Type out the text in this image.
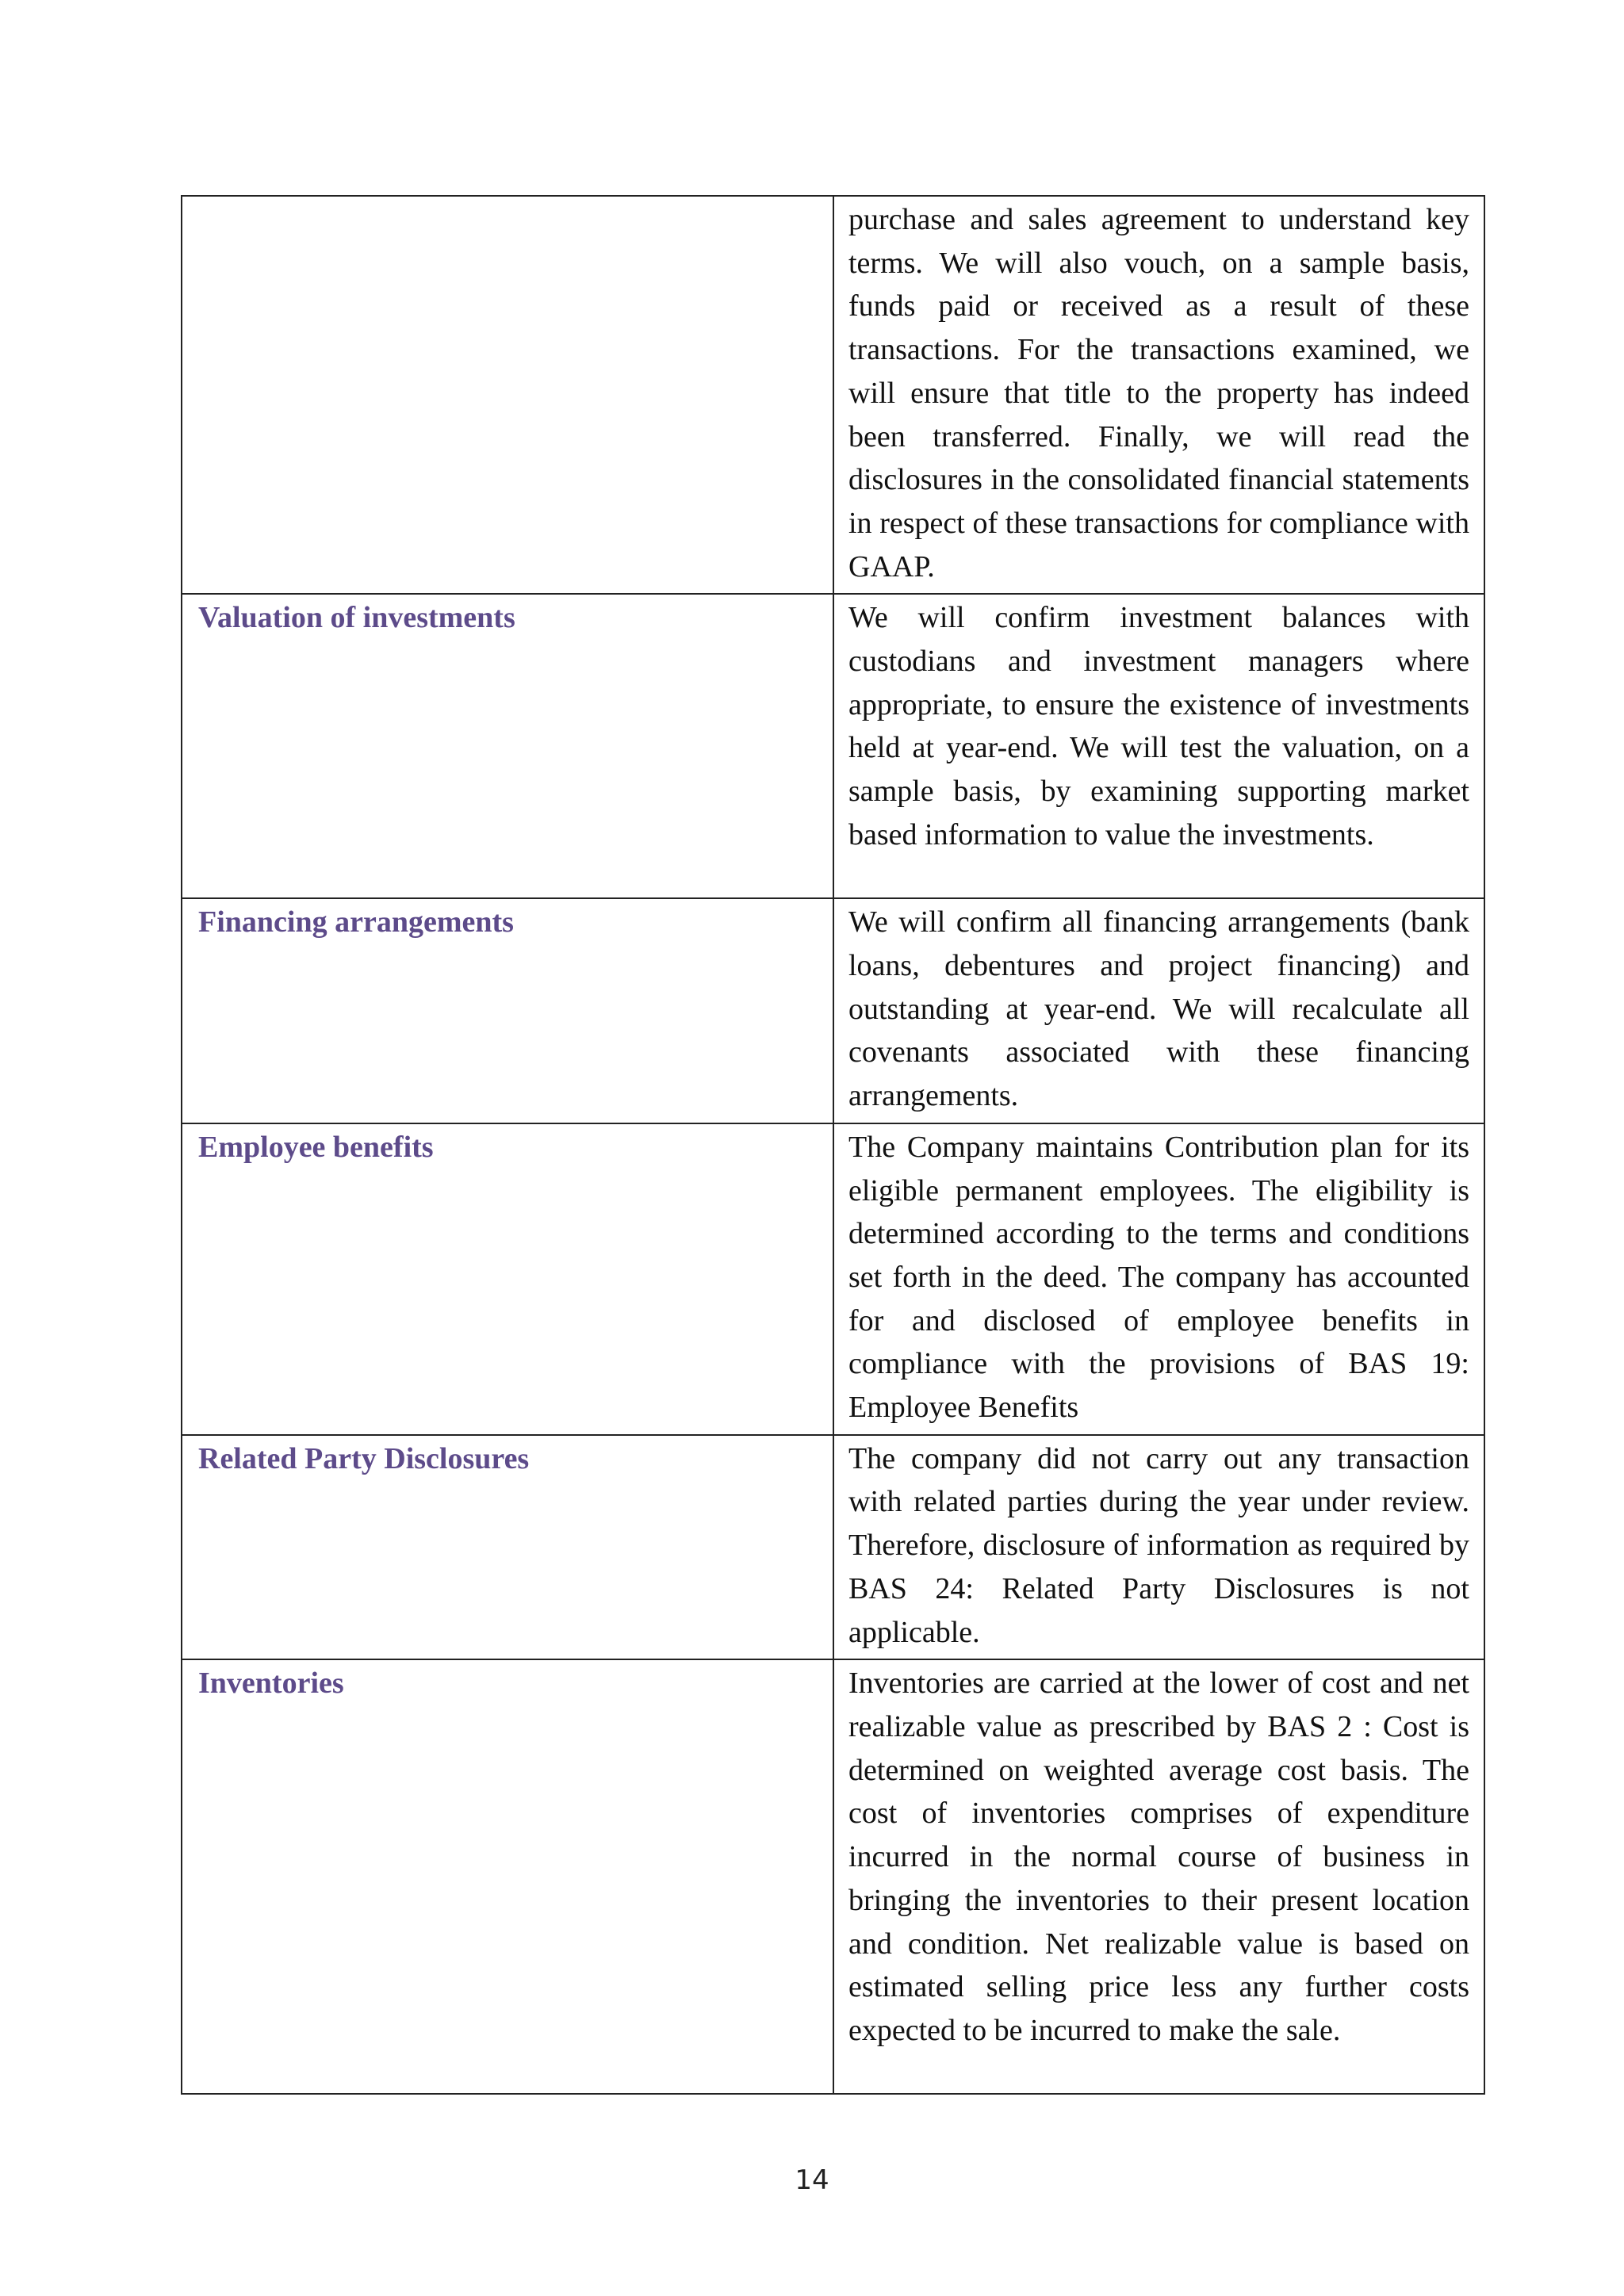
	purchase and sales agreement to understand key terms. We will also vouch, on a sample basis, funds paid or received as a result of these transactions. For the transactions examined, we will ensure that title to the property has indeed been transferred. Finally, we will read the disclosures in the consolidated financial statements in respect of these transactions for compliance with GAAP.

Valuation of investments	We will confirm investment balances with custodians and investment managers where appropriate, to ensure the existence of investments held at year-end. We will test the valuation, on a sample basis, by examining supporting market based information to value the investments.

Financing arrangements	We will confirm all financing arrangements (bank loans, debentures and project financing) and outstanding at year-end. We will recalculate all covenants associated with these financing arrangements.

Employee benefits	The Company maintains Contribution plan for its eligible permanent employees. The eligibility is determined according to the terms and conditions set forth in the deed. The company has accounted for and disclosed of employee benefits in compliance with the provisions of BAS 19: Employee Benefits

Related Party Disclosures	The company did not carry out any transaction with related parties during the year under review. Therefore, disclosure of information as required by BAS 24: Related Party Disclosures is not applicable.

Inventories	Inventories are carried at the lower of cost and net realizable value as prescribed by BAS 2 : Cost is determined on weighted average cost basis. The cost of inventories comprises of expenditure incurred in the normal course of business in bringing the inventories to their present location and condition. Net realizable value is based on estimated selling price less any further costs expected to be incurred to make the sale.
14
